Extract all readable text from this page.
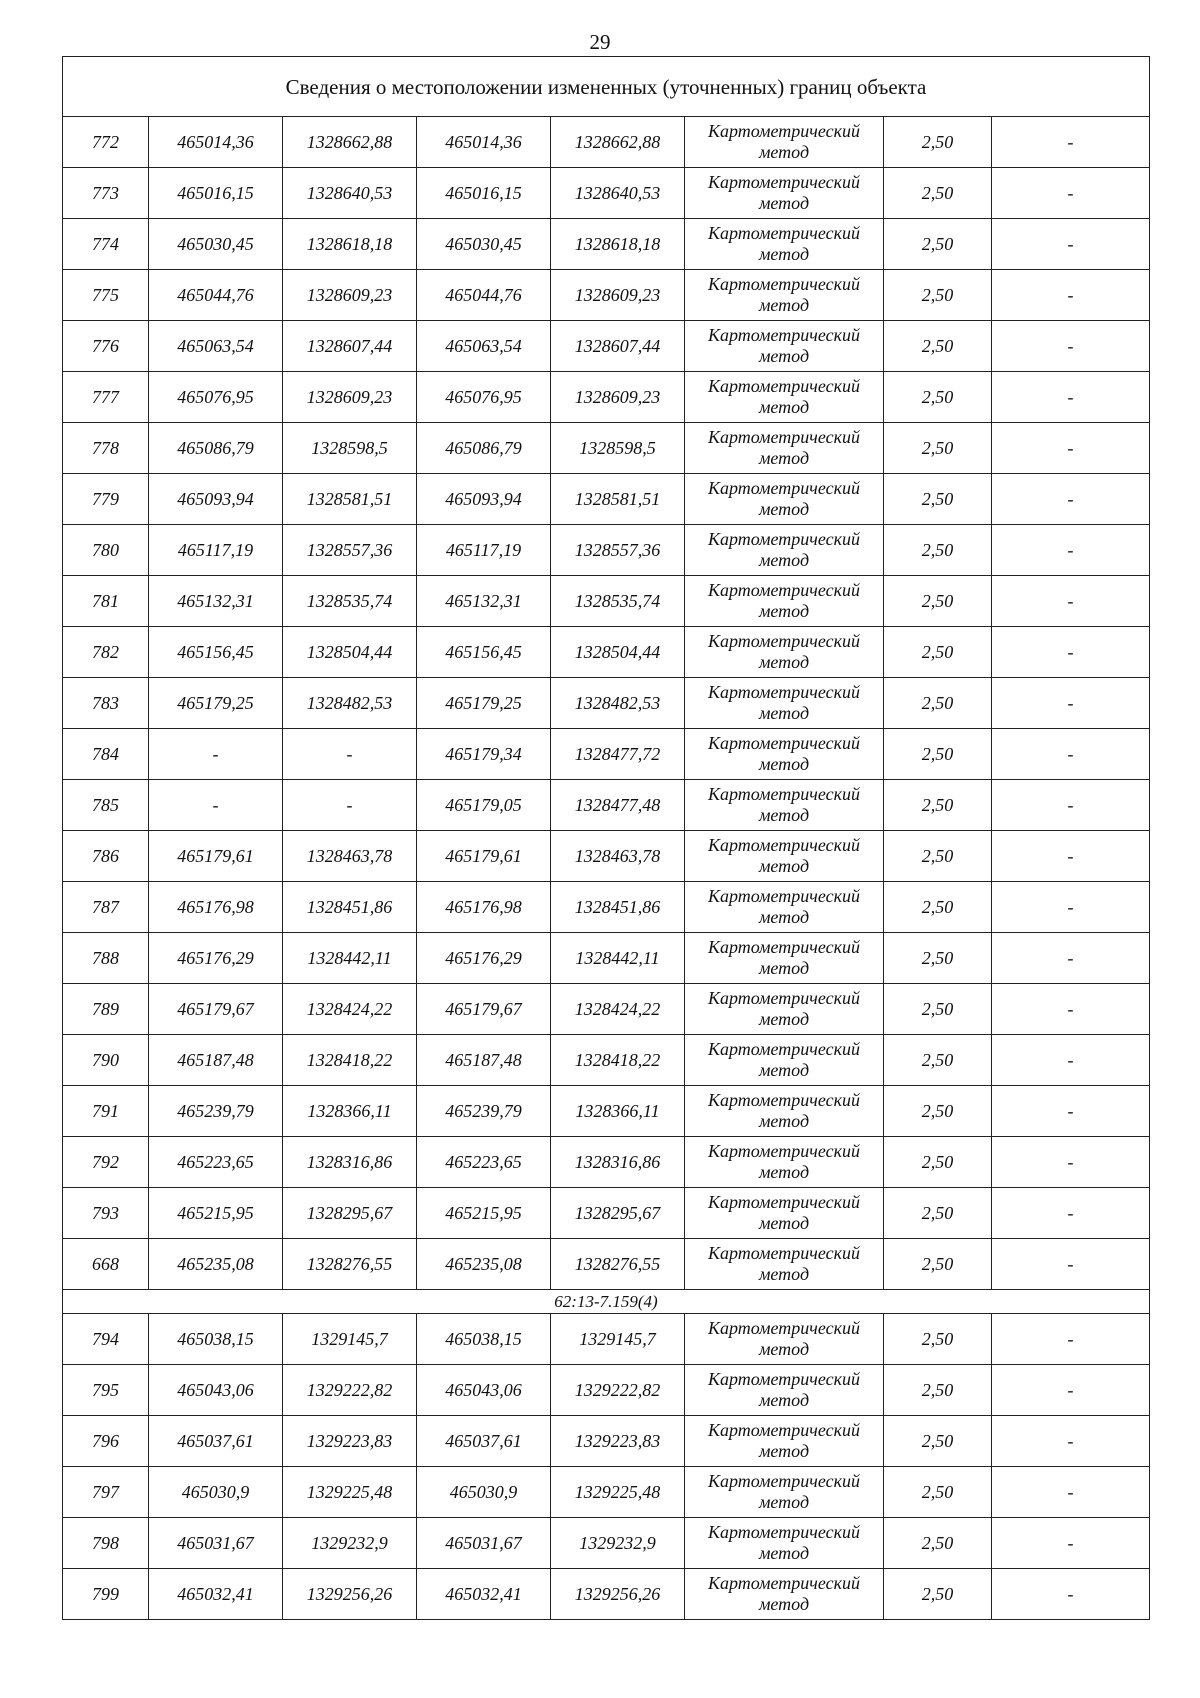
29
Сведения о местоположении измененных (уточненных) границ объекта							
772	465014,36	1328662,88	465014,36	1328662,88	Картометрический метод	2,50	-
773	465016,15	1328640,53	465016,15	1328640,53	Картометрический метод	2,50	-
774	465030,45	1328618,18	465030,45	1328618,18	Картометрический метод	2,50	-
775	465044,76	1328609,23	465044,76	1328609,23	Картометрический метод	2,50	-
776	465063,54	1328607,44	465063,54	1328607,44	Картометрический метод	2,50	-
777	465076,95	1328609,23	465076,95	1328609,23	Картометрический метод	2,50	-
778	465086,79	1328598,5	465086,79	1328598,5	Картометрический метод	2,50	-
779	465093,94	1328581,51	465093,94	1328581,51	Картометрический метод	2,50	-
780	465117,19	1328557,36	465117,19	1328557,36	Картометрический метод	2,50	-
781	465132,31	1328535,74	465132,31	1328535,74	Картометрический метод	2,50	-
782	465156,45	1328504,44	465156,45	1328504,44	Картометрический метод	2,50	-
783	465179,25	1328482,53	465179,25	1328482,53	Картометрический метод	2,50	-
784	-	-	465179,34	1328477,72	Картометрический метод	2,50	-
785	-	-	465179,05	1328477,48	Картометрический метод	2,50	-
786	465179,61	1328463,78	465179,61	1328463,78	Картометрический метод	2,50	-
787	465176,98	1328451,86	465176,98	1328451,86	Картометрический метод	2,50	-
788	465176,29	1328442,11	465176,29	1328442,11	Картометрический метод	2,50	-
789	465179,67	1328424,22	465179,67	1328424,22	Картометрический метод	2,50	-
790	465187,48	1328418,22	465187,48	1328418,22	Картометрический метод	2,50	-
791	465239,79	1328366,11	465239,79	1328366,11	Картометрический метод	2,50	-
792	465223,65	1328316,86	465223,65	1328316,86	Картометрический метод	2,50	-
793	465215,95	1328295,67	465215,95	1328295,67	Картометрический метод	2,50	-
668	465235,08	1328276,55	465235,08	1328276,55	Картометрический метод	2,50	-
62:13-7.159(4)							
794	465038,15	1329145,7	465038,15	1329145,7	Картометрический метод	2,50	-
795	465043,06	1329222,82	465043,06	1329222,82	Картометрический метод	2,50	-
796	465037,61	1329223,83	465037,61	1329223,83	Картометрический метод	2,50	-
797	465030,9	1329225,48	465030,9	1329225,48	Картометрический метод	2,50	-
798	465031,67	1329232,9	465031,67	1329232,9	Картометрический метод	2,50	-
799	465032,41	1329256,26	465032,41	1329256,26	Картометрический метод	2,50	-
